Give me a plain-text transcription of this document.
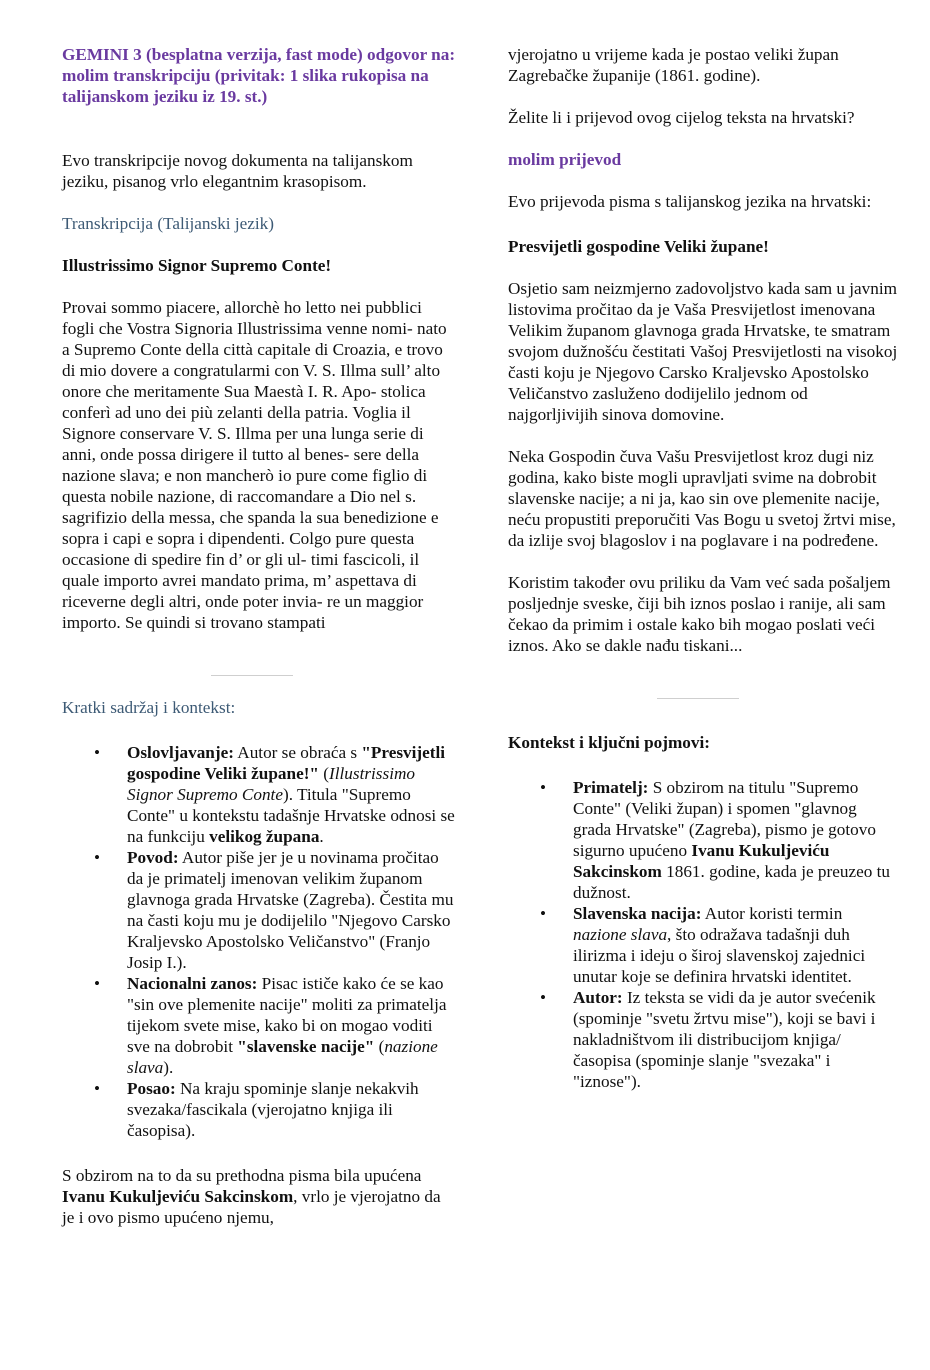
GEMINI 3 (besplatna verzija, fast mode) odgovor na: molim transkripciju (privitak: 1 slika rukopisa na talijanskom jeziku iz 19. st.)

Evo transkripcije novog dokumenta na talijanskom jeziku, pisanog vrlo elegantnim krasopisom.

Transkripcija (Talijanski jezik)

Illustrissimo Signor Supremo Conte!

Provai sommo piacere, allorchè ho letto nei pubblici fogli che Vostra Signoria Illustrissima venne nomi- nato a Supremo Conte della città capitale di Croazia, e trovo di mio dovere a congratularmi con V. S. Illma sull’ alto onore che meritamente Sua Maestà I. R. Apo- stolica conferì ad uno dei più zelanti della patria. Voglia il Signore conservare V. S. Illma per una lunga serie di anni, onde possa dirigere il tutto al benes- sere della nazione slava; e non mancherò io pure come figlio di questa nobile nazione, di raccomandare a Dio nel s. sagrifizio della messa, che spanda la sua benedizione e sopra i capi e sopra i dipendenti. Colgo pure questa occasione di spedire fin d’ or gli ul- timi fascicoli, il quale importo avrei mandato prima, m’ aspettava di riceverne degli altri, onde poter invia- re un maggior importo. Se quindi si trovano stampati

Kratki sadržaj i kontekst:

• Oslovljavanje: Autor se obraća s "Presvijetli gospodine Veliki župane!" (Illustrissimo Signor Supremo Conte). Titula "Supremo Conte" u kontekstu tadašnje Hrvatske odnosi se na funkciju velikog župana.
• Povod: Autor piše jer je u novinama pročitao da je primatelj imenovan velikim županom glavnoga grada Hrvatske (Zagreba). Čestita mu na časti koju mu je dodijelilo "Njegovo Carsko Kraljevsko Apostolsko Veličanstvo" (Franjo Josip I.).
• Nacionalni zanos: Pisac ističe kako će se kao "sin ove plemenite nacije" moliti za primatelja tijekom svete mise, kako bi on mogao voditi sve na dobrobit "slavenske nacije" (nazione slava).
• Posao: Na kraju spominje slanje nekakvih svezaka/fascikala (vjerojatno knjiga ili časopisa).

S obzirom na to da su prethodna pisma bila upućena Ivanu Kukuljeviću Sakcinskom, vrlo je vjerojatno da je i ovo pismo upućeno njemu,

vjerojatno u vrijeme kada je postao veliki župan Zagrebačke županije (1861. godine).

Želite li i prijevod ovog cijelog teksta na hrvatski?

molim prijevod

Evo prijevoda pisma s talijanskog jezika na hrvatski:

Presvijetli gospodine Veliki župane!

Osjetio sam neizmjerno zadovoljstvo kada sam u javnim listovima pročitao da je Vaša Presvijetlost imenovana Velikim županom glavnoga grada Hrvatske, te smatram svojom dužnošću čestitati Vašoj Presvijetlosti na visokoj časti koju je Njegovo Carsko Kraljevsko Apostolsko Veličanstvo zasluženo dodijelilo jednom od najgorljivijih sinova domovine.

Neka Gospodin čuva Vašu Presvijetlost kroz dugi niz godina, kako biste mogli upravljati svime na dobrobit slavenske nacije; a ni ja, kao sin ove plemenite nacije, neću propustiti preporučiti Vas Bogu u svetoj žrtvi mise, da izlije svoj blagoslov i na poglavare i na podređene.

Koristim također ovu priliku da Vam već sada pošaljem posljednje sveske, čiji bih iznos poslao i ranije, ali sam čekao da primim i ostale kako bih mogao poslati veći iznos. Ako se dakle nađu tiskani...

Kontekst i ključni pojmovi:

• Primatelj: S obzirom na titulu "Supremo Conte" (Veliki župan) i spomen "glavnog grada Hrvatske" (Zagreba), pismo je gotovo sigurno upućeno Ivanu Kukuljeviću Sakcinskom 1861. godine, kada je preuzeo tu dužnost.
• Slavenska nacija: Autor koristi termin nazione slava, što odražava tadašnji duh ilirizma i ideju o široj slavenskoj zajednici unutar koje se definira hrvatski identitet.
• Autor: Iz teksta se vidi da je autor svećenik (spominje "svetu žrtvu mise"), koji se bavi i nakladništvom ili distribucijom knjiga/časopisa (spominje slanje "svezaka" i "iznose").
